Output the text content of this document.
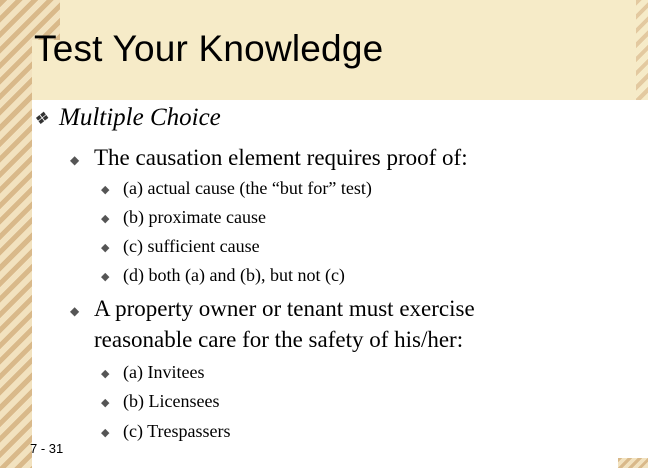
Test Your Knowledge
❖ Multiple Choice
◆ The causation element requires proof of:
◆ (a) actual cause (the “but for” test)
◆ (b) proximate cause
◆ (c) sufficient cause
◆ (d) both (a) and (b), but not (c)
◆ A property owner or tenant must exercise
reasonable care for the safety of his/her:
◆ (a) Invitees
◆ (b) Licensees
◆ (c) Trespassers
7 - 31
